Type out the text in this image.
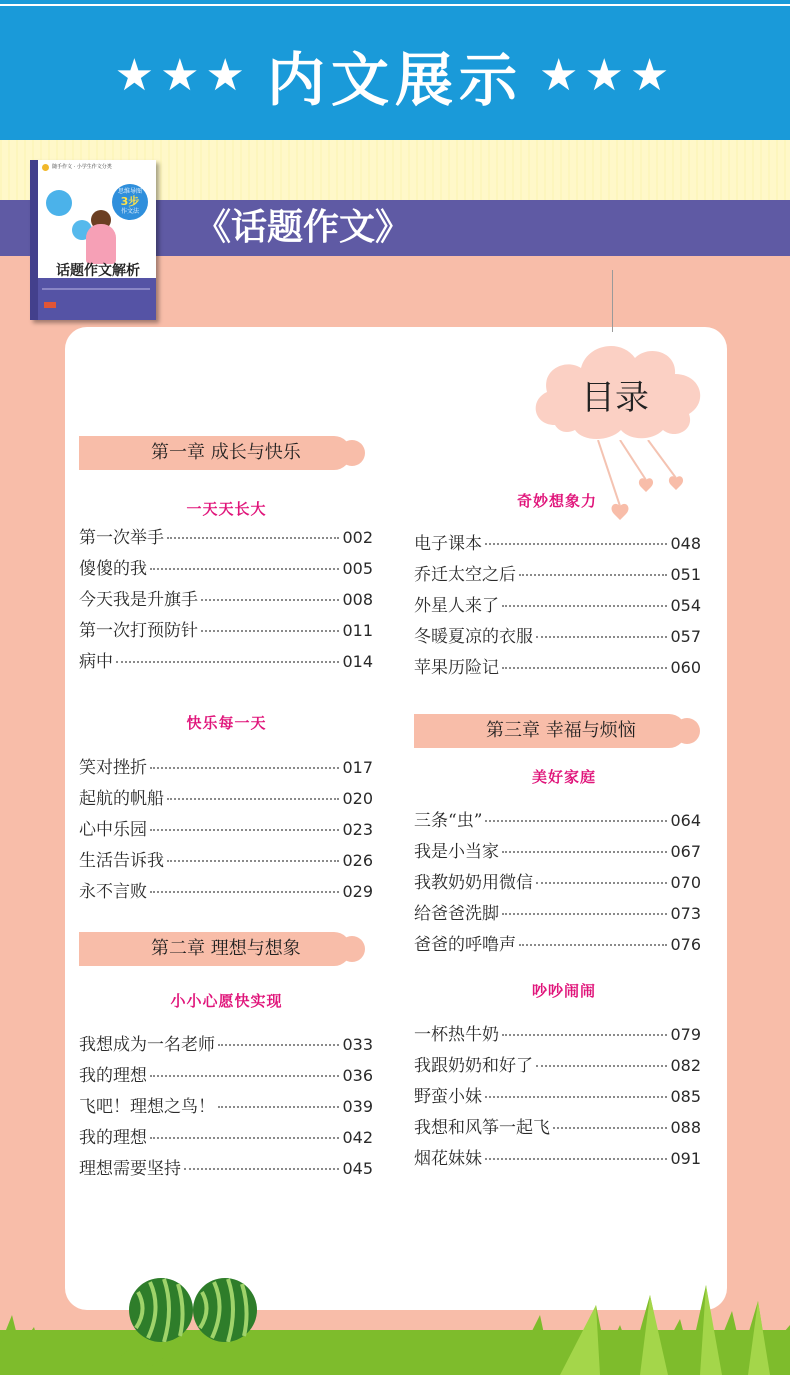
★★★ 内文展示 ★★★
《话题作文》
随手作文 · 小学生作文分类
思维导图
3步
作文法
话题作文解析
目录
第一章 成长与快乐
第二章 理想与想象
第三章 幸福与烦恼
一天天长大
快乐每一天
小小心愿快实现
奇妙想象力
美好家庭
吵吵闹闹
第一次举手	002
傻傻的我	005
今天我是升旗手	008
第一次打预防针	011
病中	014
笑对挫折	017
起航的帆船	020
心中乐园	023
生活告诉我	026
永不言败	029
我想成为一名老师	033
我的理想	036
飞吧！理想之鸟！	039
我的理想	042
理想需要坚持	045
电子课本	048
乔迁太空之后	051
外星人来了	054
冬暖夏凉的衣服	057
苹果历险记	060
三条“虫”	064
我是小当家	067
我教奶奶用微信	070
给爸爸洗脚	073
爸爸的呼噜声	076
一杯热牛奶	079
我跟奶奶和好了	082
野蛮小妹	085
我想和风筝一起飞	088
烟花妹妹	091
